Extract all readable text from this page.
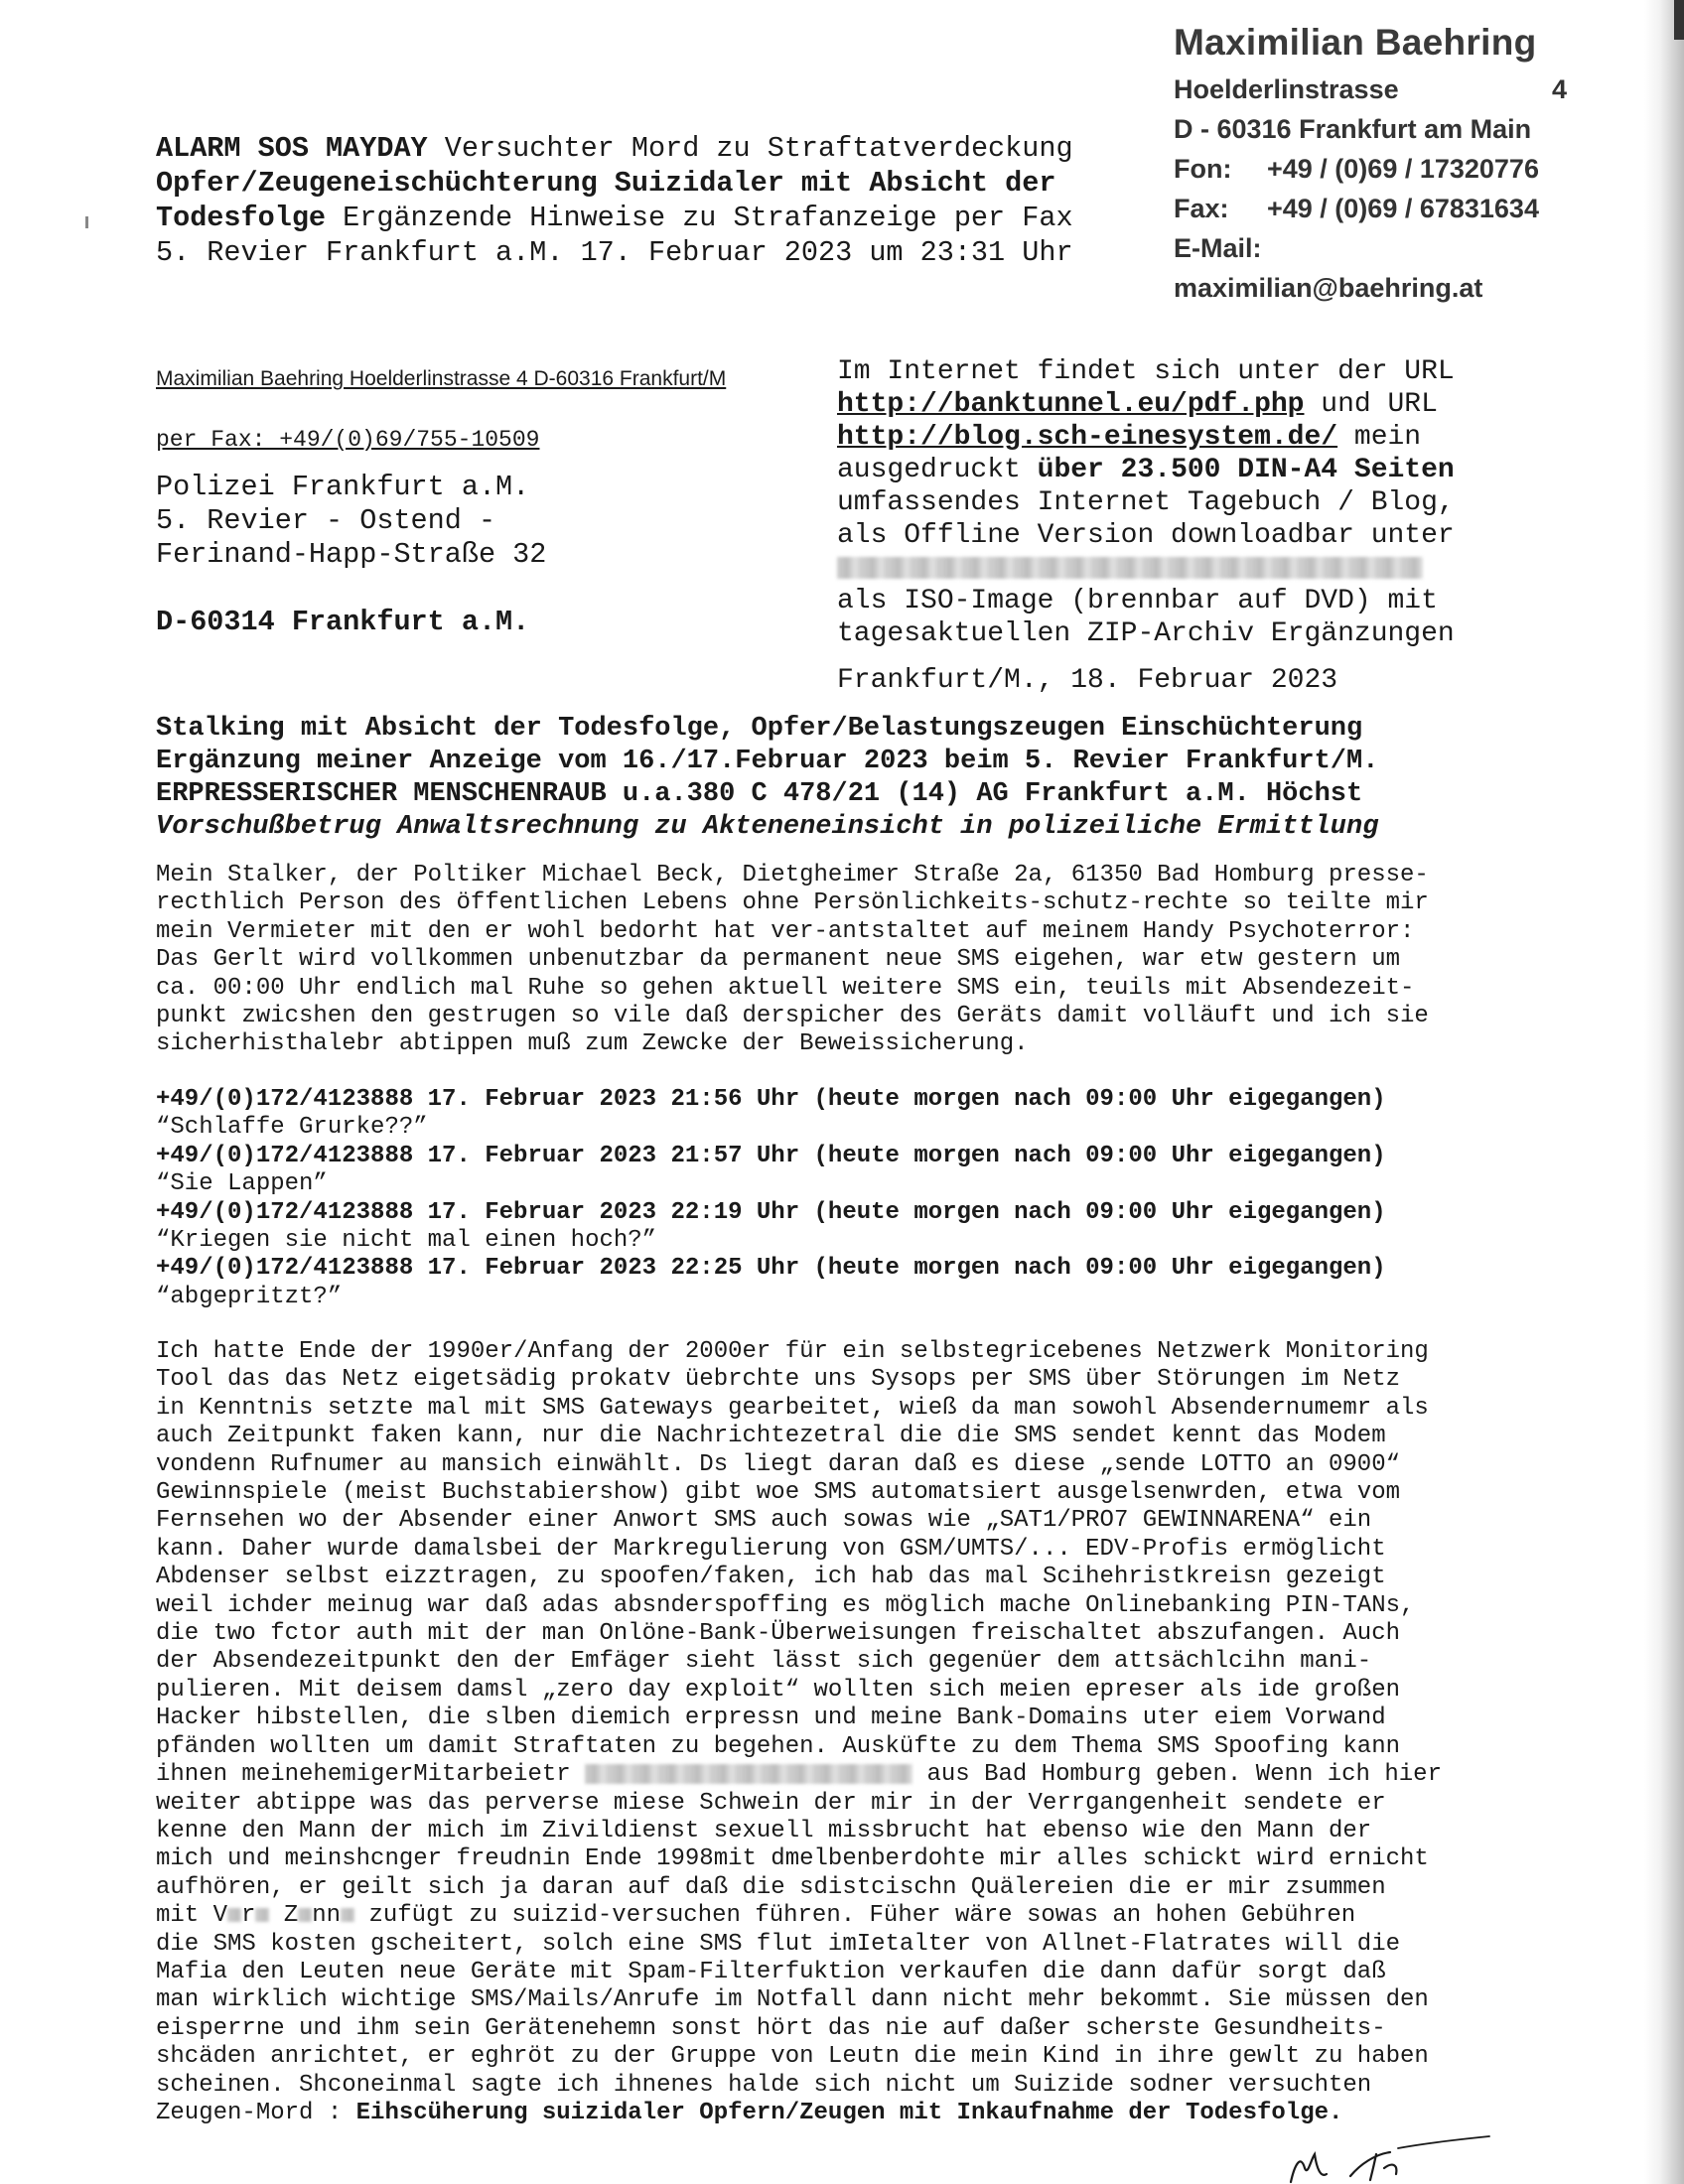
Maximilian Baehring
Hoelderlinstrasse	4
D - 60316 Frankfurt am Main
Fon: +49 / (0)69 / 17320776
Fax: +49 / (0)69 / 67831634
E-Mail: maximilian@baehring.at
ALARM SOS MAYDAY Versuchter Mord zu Straftatverdeckung
Opfer/Zeugeneischüchterung Suizidaler mit Absicht der
Todesfolge Ergänzende Hinweise zu Strafanzeige per Fax
5. Revier Frankfurt a.M. 17. Februar 2023 um 23:31 Uhr
Maximilian Baehring Hoelderlinstrasse 4 D-60316 Frankfurt/M
per Fax: +49/(0)69/755-10509
Polizei Frankfurt a.M.
5. Revier - Ostend -
Ferinand-Happ-Straße 32
D-60314 Frankfurt a.M.
Im Internet findet sich unter der URL
http://banktunnel.eu/pdf.php und URL
http://blog.sch-einesystem.de/ mein
ausgedruckt über 23.500 DIN-A4 Seiten
umfassendes Internet Tagebuch / Blog,
als Offline Version downloadbar unter
als ISO-Image (brennbar auf DVD) mit
tagesaktuellen ZIP-Archiv Ergänzungen
Frankfurt/M., 18. Februar 2023
Stalking mit Absicht der Todesfolge, Opfer/Belastungszeugen Einschüchterung
Ergänzung meiner Anzeige vom 16./17.Februar 2023 beim 5. Revier Frankfurt/M.
ERPRESSERISCHER MENSCHENRAUB u.a.380 C 478/21 (14) AG Frankfurt a.M. Höchst
Vorschußbetrug Anwaltsrechnung zu Akteneneinsicht in polizeiliche Ermittlung
Mein Stalker, der Poltiker Michael Beck, Dietgheimer Straße 2a, 61350 Bad Homburg presse-
recthlich Person des öffentlichen Lebens ohne Persönlichkeits-schutz-rechte so teilte mir
mein Vermieter mit den er wohl bedorht hat ver-antstaltet auf meinem Handy Psychoterror:
Das Gerlt wird vollkommen unbenutzbar da permanent neue SMS eigehen, war etw gestern um
ca. 00:00 Uhr endlich mal Ruhe so gehen aktuell weitere SMS ein, teuils mit Absendezeit-
punkt zwicshen den gestrugen so vile daß derspicher des Geräts damit volläuft und ich sie
sicherhisthalebr abtippen muß zum Zewcke der Beweissicherung.
+49/(0)172/4123888 17. Februar 2023 21:56 Uhr (heute morgen nach 09:00 Uhr eigegangen)
“Schlaffe Grurke??”
+49/(0)172/4123888 17. Februar 2023 21:57 Uhr (heute morgen nach 09:00 Uhr eigegangen)
“Sie Lappen”
+49/(0)172/4123888 17. Februar 2023 22:19 Uhr (heute morgen nach 09:00 Uhr eigegangen)
“Kriegen sie nicht mal einen hoch?”
+49/(0)172/4123888 17. Februar 2023 22:25 Uhr (heute morgen nach 09:00 Uhr eigegangen)
“abgepritzt?”
Ich hatte Ende der 1990er/Anfang der 2000er für ein selbstegricebenes Netzwerk Monitoring
Tool das das Netz eigetsädig prokatv üebrchte uns Sysops per SMS über Störungen im Netz
in Kenntnis setzte mal mit SMS Gateways gearbeitet, wieß da man sowohl Absendernumemr als
auch Zeitpunkt faken kann, nur die Nachrichtezetral die die SMS sendet kennt das Modem
vondenn Rufnumer au mansich einwählt. Ds liegt daran daß es diese „sende LOTTO an 0900“
Gewinnspiele (meist Buchstabiershow) gibt woe SMS automatsiert ausgelsenwrden, etwa vom
Fernsehen wo der Absender einer Anwort SMS auch sowas wie „SAT1/PRO7 GEWINNARENA“ ein
kann. Daher wurde damalsbei der Markregulierung von GSM/UMTS/... EDV-Profis ermöglicht
Abdenser selbst eizztragen, zu spoofen/faken, ich hab das mal Scihehristkreisn gezeigt
weil ichder meinug war daß adas absnderspoffing es möglich mache Onlinebanking PIN-TANs,
die two fctor auth mit der man Onlöne-Bank-Überweisungen freischaltet abszufangen. Auch
der Absendezeitpunkt den der Emfäger sieht lässt sich gegenüer dem attsächlcihn mani-
pulieren. Mit deisem damsl „zero day exploit“ wollten sich meien epreser als ide großen
Hacker hibstellen, die slben diemich erpressn und meine Bank-Domains uter eiem Vorwand
pfänden wollten um damit Straftaten zu begehen. Ausküfte zu dem Thema SMS Spoofing kann
ihnen meinehemigerMitarbeietr	aus Bad Homburg geben. Wenn ich hier
weiter abtippe was das perverse miese Schwein der mir in der Verrgangenheit sendete er
kenne den Mann der mich im Zivildienst sexuell missbrucht hat ebenso wie den Mann der
mich und meinshcnger freudnin Ende 1998mit dmelbenberdohte mir alles schickt wird ernicht
aufhören, er geilt sich ja daran auf daß die sdistcischn Quälereien die er mir zsummen
mit V r Z nn zufügt zu suizid-versuchen führen. Füher wäre sowas an hohen Gebühren
die SMS kosten gscheitert, solch eine SMS flut imIetalter von Allnet-Flatrates will die
Mafia den Leuten neue Geräte mit Spam-Filterfuktion verkaufen die dann dafür sorgt daß
man wirklich wichtige SMS/Mails/Anrufe im Notfall dann nicht mehr bekommt. Sie müssen den
eisperrne und ihm sein Gerätenehemn sonst hört das nie auf daßer scherste Gesundheits-
shcäden anrichtet, er eghröt zu der Gruppe von Leutn die mein Kind in ihre gewlt zu haben
scheinen. Shconeinmal sagte ich ihnenes halde sich nicht um Suizide sodner versuchten
Zeugen-Mord : Eihscüherung suizidaler Opfern/Zeugen mit Inkaufnahme der Todesfolge.
